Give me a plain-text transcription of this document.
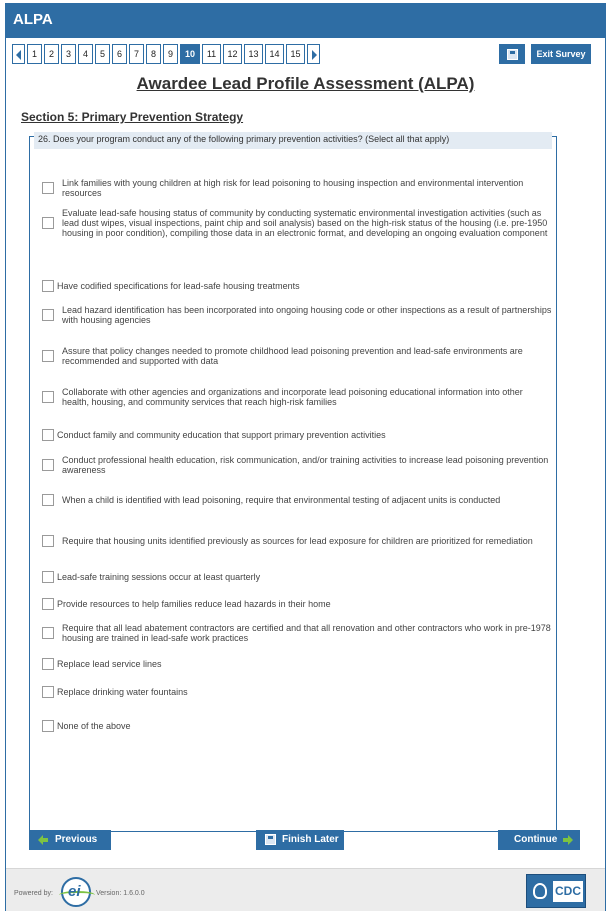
ALPA
1	2	3	4	5	6	7	8	9	10	11	12	13	14	15	Exit Survey
Awardee Lead Profile Assessment (ALPA)
Section 5: Primary Prevention Strategy
26. Does your program conduct any of the following primary prevention activities? (Select all that apply)
Link families with young children at high risk for lead poisoning to housing inspection and environmental intervention resources
Evaluate lead-safe housing status of community by conducting systematic environmental investigation activities (such as lead dust wipes, visual inspections, paint chip and soil analysis) based on the high-risk status of the housing (i.e. pre-1950 housing in poor condition), compiling those data in an electronic format, and developing an ongoing evaluation component
Have codified specifications for lead-safe housing treatments
Lead hazard identification has been incorporated into ongoing housing code or other inspections as a result of partnerships with housing agencies
Assure that policy changes needed to promote childhood lead poisoning prevention and lead-safe environments are recommended and supported with data
Collaborate with other agencies and organizations and incorporate lead poisoning educational information into other health, housing, and community services that reach high-risk families
Conduct family and community education that support primary prevention activities
Conduct professional health education, risk communication, and/or training activities to increase lead poisoning prevention awareness
When a child is identified with lead poisoning, require that environmental testing of adjacent units is conducted
Require that housing units identified previously as sources for lead exposure for children are prioritized for remediation
Lead-safe training sessions occur at least quarterly
Provide resources to help families reduce lead hazards in their home
Require that all lead abatement contractors are certified and that all renovation and other contractors who work in pre-1978 housing are trained in lead-safe work practices
Replace lead service lines
Replace drinking water fountains
None of the above
Previous	Finish Later	Continue
Powered by: ei Version: 1.6.0.0	CDC
